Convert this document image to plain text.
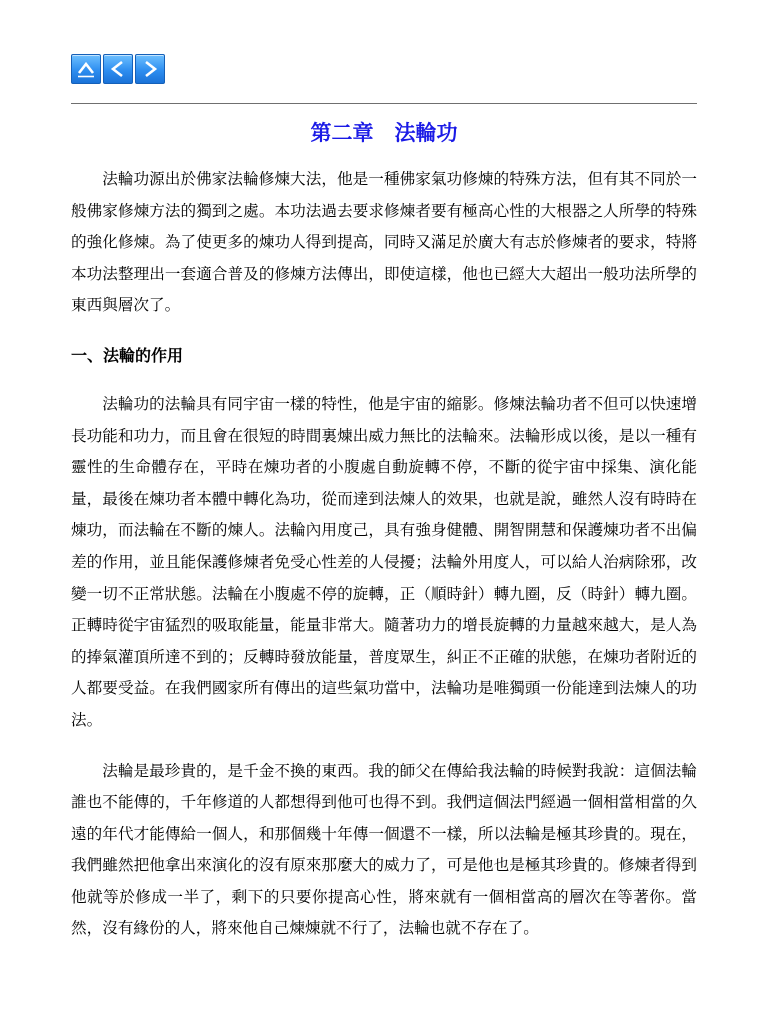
第二章　法輪功

法輪功源出於佛家法輪修煉大法，他是一種佛家氣功修煉的特殊方法，但有其不同於一般佛家修煉方法的獨到之處。本功法過去要求修煉者要有極高心性的大根器之人所學的特殊的強化修煉。為了使更多的煉功人得到提高，同時又滿足於廣大有志於修煉者的要求，特將本功法整理出一套適合普及的修煉方法傳出，即使這樣，他也已經大大超出一般功法所學的東西與層次了。

一、法輪的作用

法輪功的法輪具有同宇宙一樣的特性，他是宇宙的縮影。修煉法輪功者不但可以快速增長功能和功力，而且會在很短的時間裏煉出威力無比的法輪來。法輪形成以後，是以一種有靈性的生命體存在，平時在煉功者的小腹處自動旋轉不停，不斷的從宇宙中採集、演化能量，最後在煉功者本體中轉化為功，從而達到法煉人的效果，也就是說，雖然人沒有時時在煉功，而法輪在不斷的煉人。法輪內用度己，具有強身健體、開智開慧和保護煉功者不出偏差的作用，並且能保護修煉者免受心性差的人侵擾；法輪外用度人，可以給人治病除邪，改變一切不正常狀態。法輪在小腹處不停的旋轉，正（順時針）轉九圈，反（時針）轉九圈。正轉時從宇宙猛烈的吸取能量，能量非常大。隨著功力的增長旋轉的力量越來越大，是人為的捧氣灌頂所達不到的；反轉時發放能量，普度眾生，糾正不正確的狀態，在煉功者附近的人都要受益。在我們國家所有傳出的這些氣功當中，法輪功是唯獨頭一份能達到法煉人的功法。

法輪是最珍貴的，是千金不換的東西。我的師父在傳給我法輪的時候對我說：這個法輪誰也不能傳的，千年修道的人都想得到他可也得不到。我們這個法門經過一個相當相當的久遠的年代才能傳給一個人，和那個幾十年傳一個還不一樣，所以法輪是極其珍貴的。現在，我們雖然把他拿出來演化的沒有原來那麼大的威力了，可是他也是極其珍貴的。修煉者得到他就等於修成一半了，剩下的只要你提高心性，將來就有一個相當高的層次在等著你。當然，沒有緣份的人，將來他自己煉煉就不行了，法輪也就不存在了。
